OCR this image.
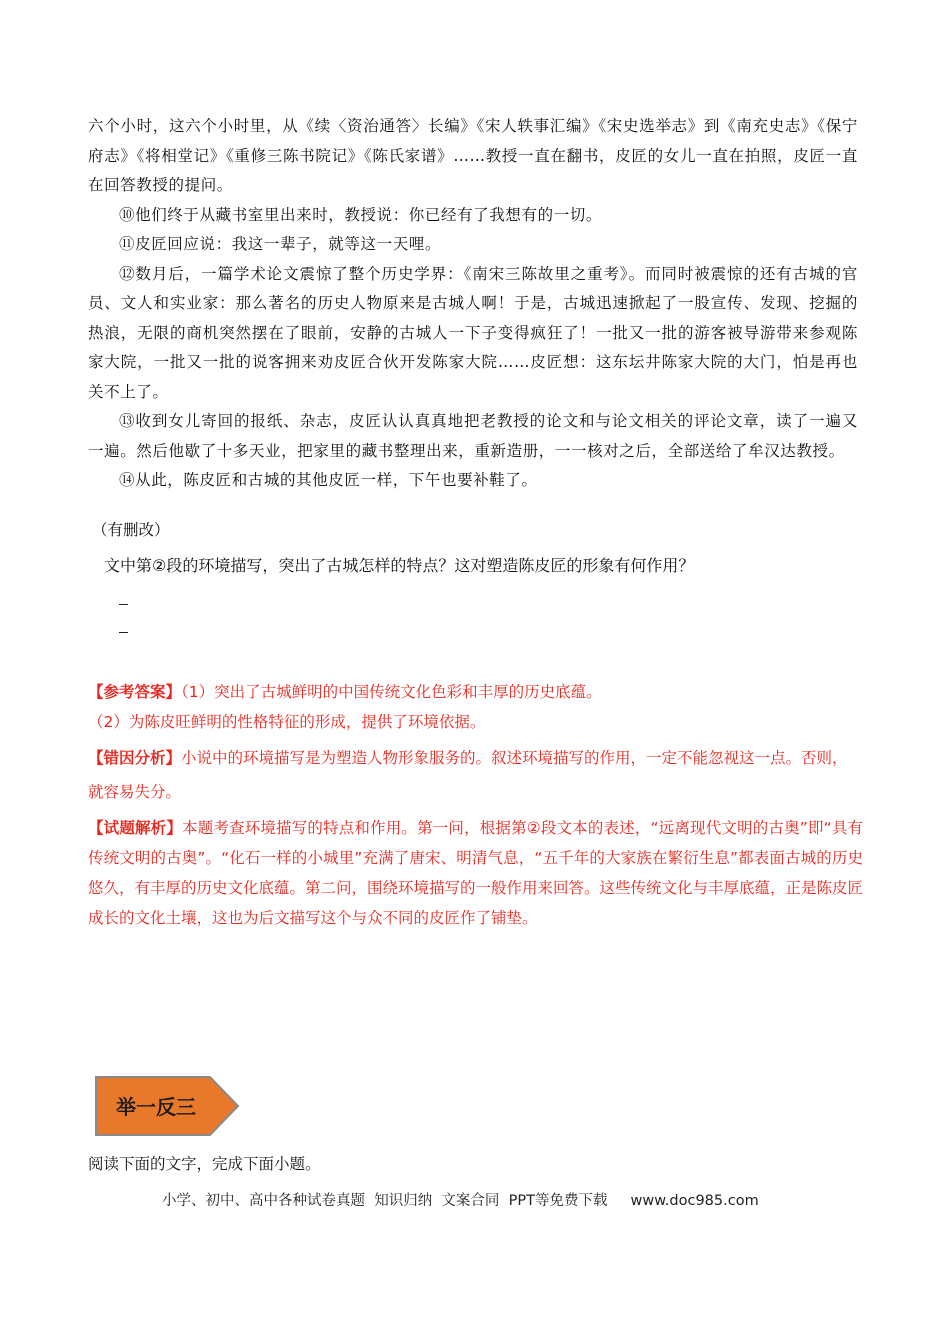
六个小时，这六个小时里，从《续〈资治通答〉长编》《宋人轶事汇编》《宋史选举志》到《南充史志》《保宁府志》《将相堂记》《重修三陈书院记》《陈氏家谱》……教授一直在翻书，皮匠的女儿一直在拍照，皮匠一直在回答教授的提问。

⑩他们终于从藏书室里出来时，教授说：你已经有了我想有的一切。

⑪皮匠回应说：我这一辈子，就等这一天哩。

⑫数月后，一篇学术论文震惊了整个历史学界：《南宋三陈故里之重考》。而同时被震惊的还有古城的官员、文人和实业家：那么著名的历史人物原来是古城人啊！于是，古城迅速掀起了一股宣传、发现、挖掘的热浪，无限的商机突然摆在了眼前，安静的古城人一下子变得疯狂了！一批又一批的游客被导游带来参观陈家大院，一批又一批的说客拥来劝皮匠合伙开发陈家大院……皮匠想：这东坛井陈家大院的大门，怕是再也关不上了。

⑬收到女儿寄回的报纸、杂志，皮匠认认真真地把老教授的论文和与论文相关的评论文章，读了一遍又一遍。然后他歇了十多天业，把家里的藏书整理出来，重新造册，一一核对之后，全部送给了牟汉达教授。

⑭从此，陈皮匠和古城的其他皮匠一样，下午也要补鞋了。

（有删改）
文中第②段的环境描写，突出了古城怎样的特点？这对塑造陈皮匠的形象有何作用？

【参考答案】（1）突出了古城鲜明的中国传统文化色彩和丰厚的历史底蕴。

（2）为陈皮旺鲜明的性格特征的形成，提供了环境依据。

【错因分析】小说中的环境描写是为塑造人物形象服务的。叙述环境描写的作用，一定不能忽视这一点。否则，就容易失分。

【试题解析】本题考查环境描写的特点和作用。第一问，根据第②段文本的表述，“远离现代文明的古奥”即“具有传统文明的古奥”。“化石一样的小城里”充满了唐宋、明清气息，“五千年的大家族在繁衍生息”都表面古城的历史悠久，有丰厚的历史文化底蕴。第二问，围绕环境描写的一般作用来回答。这些传统文化与丰厚底蕴，正是陈皮匠成长的文化土壤，这也为后文描写这个与众不同的皮匠作了铺垫。

举一反三
阅读下面的文字，完成下面小题。
小学、初中、高中各种试卷真题  知识归纳  文案合同  PPT等免费下载     www.doc985.com
